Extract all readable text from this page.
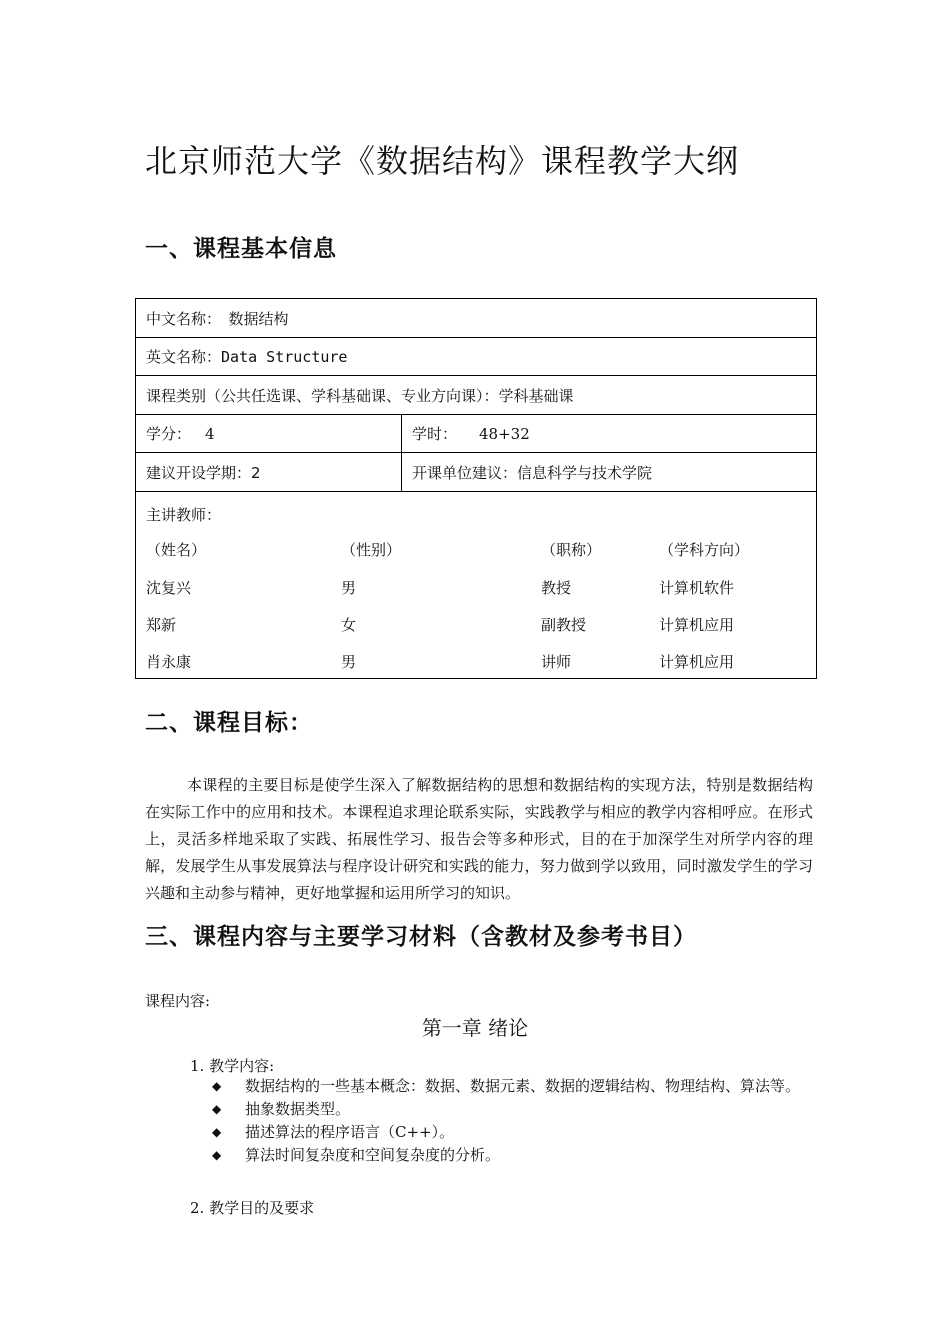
北京师范大学《数据结构》课程教学大纲
一、课程基本信息
中文名称：　数据结构
英文名称： Data Structure
课程类别 （公共任选课、学科基础课、专业方向课）：学科基础课
学分： 4	学时： 48+32
建议开设学期：2	开课单位建议：信息科学与技术学院
主讲教师：
（姓名）	（性别）	（职称）	（学科方向）
沈复兴	男	教授	计算机软件
郑新	女	副教授	计算机应用
肖永康	男	讲师	计算机应用
二、课程目标：
本课程的主要目标是使学生深入了解数据结构的思想和数据结构的实现方法，特别是数据结构在实际工作中的应用和技术。本课程追求理论联系实际，实践教学与相应的教学内容相呼应。在形式上，灵活多样地采取了实践、拓展性学习、报告会等多种形式，目的在于加深学生对所学内容的理解，发展学生从事发展算法与程序设计研究和实践的能力，努力做到学以致用，同时激发学生的学习兴趣和主动参与精神，更好地掌握和运用所学习的知识。
三、课程内容与主要学习材料（含教材及参考书目）
课程内容:
第一章 绪论
1. 教学内容:
◆ 数据结构的一些基本概念：数据、数据元素、数据的逻辑结构、物理结构、算法等。
◆ 抽象数据类型。
◆ 描述算法的程序语言（C++）。
◆ 算法时间复杂度和空间复杂度的分析。
2. 教学目的及要求
